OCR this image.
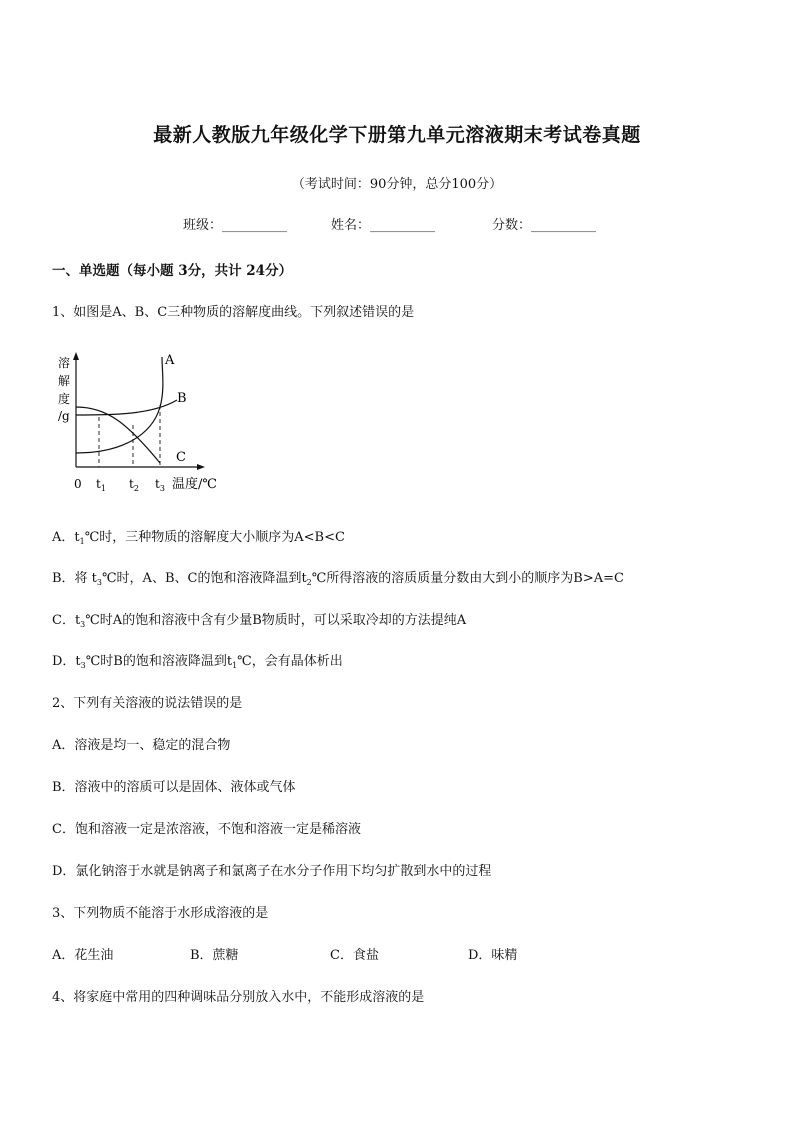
最新人教版九年级化学下册第九单元溶液期末考试卷真题
（考试时间：90分钟，总分100分）
班级：__________	姓名：__________	分数：__________
一、单选题（每小题 3分，共计 24分）
1、如图是A、B、C三种物质的溶解度曲线。下列叙述错误的是
溶
解
度
/g
A
B
C
0 $t_1$ $t_2$ $t_3$ 温度/℃
A．$t_1℃$时，三种物质的溶解度大小顺序为A<B<C
B．将 $t_3℃$时，A、B、C的饱和溶液降温到$t_2℃$所得溶液的溶质质量分数由大到小的顺序为B>A=C
C．$t_3℃$时A的饱和溶液中含有少量B物质时，可以采取冷却的方法提纯A
D．$t_3℃$时B的饱和溶液降温到$t_1℃$，会有晶体析出
2、下列有关溶液的说法错误的是
A．溶液是均一、稳定的混合物
B．溶液中的溶质可以是固体、液体或气体
C．饱和溶液一定是浓溶液，不饱和溶液一定是稀溶液
D．氯化钠溶于水就是钠离子和氯离子在水分子作用下均匀扩散到水中的过程
3、下列物质不能溶于水形成溶液的是
A．花生油	B．蔗糖	C．食盐	D．味精
4、将家庭中常用的四种调味品分别放入水中，不能形成溶液的是
